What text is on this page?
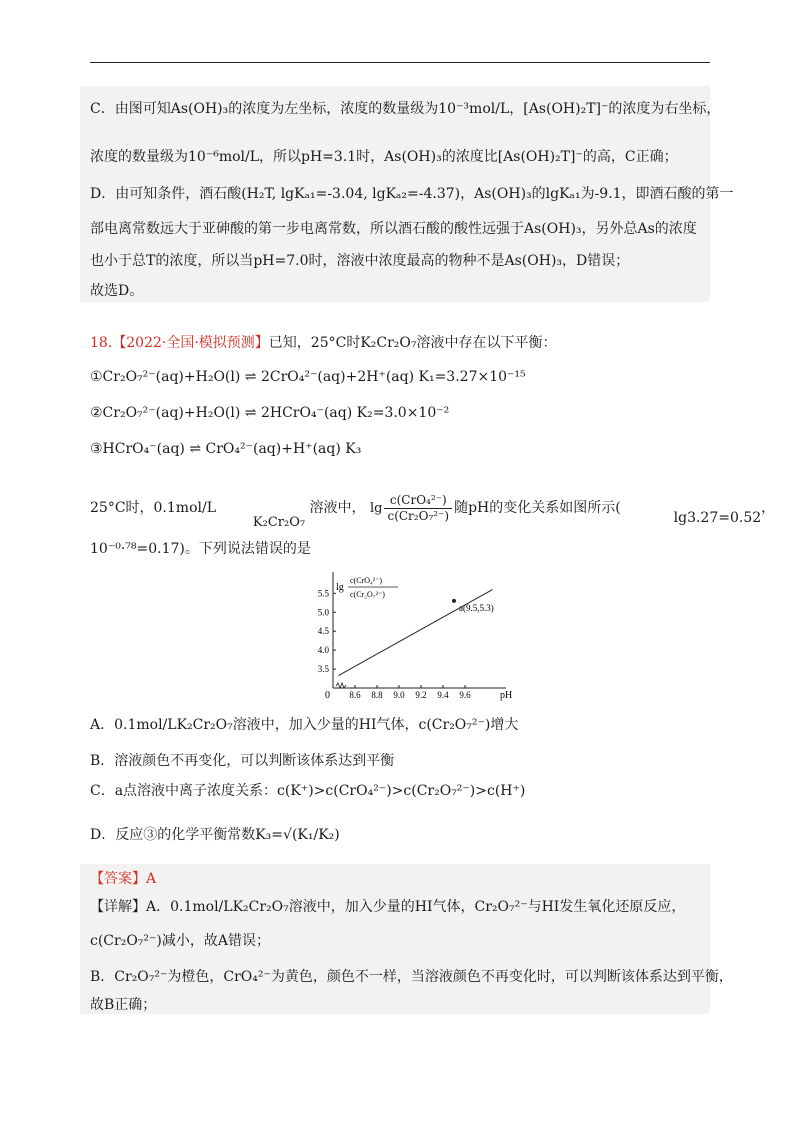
C．由图可知As(OH)₃的浓度为左坐标，浓度的数量级为10⁻³mol/L，[As(OH)₂T]⁻的浓度为右坐标，
浓度的数量级为10⁻⁶mol/L，所以pH=3.1时，As(OH)₃的浓度比[As(OH)₂T]⁻的高，C正确；
D．由可知条件，酒石酸(H₂T, lgKₐ₁=-3.04, lgKₐ₂=-4.37)，As(OH)₃的lgKₐ₁为-9.1，即酒石酸的第一
部电离常数远大于亚砷酸的第一步电离常数，所以酒石酸的酸性远强于As(OH)₃，另外总As的浓度
也小于总T的浓度，所以当pH=7.0时，溶液中浓度最高的物种不是As(OH)₃，D错误；
故选D。
18.【2022·全国·模拟预测】已知，25°C时K₂Cr₂O₇溶液中存在以下平衡：
①Cr₂O₇²⁻(aq)+H₂O(l) ⇌ 2CrO₄²⁻(aq)+2H⁺(aq) K₁=3.27×10⁻¹⁵
②Cr₂O₇²⁻(aq)+H₂O(l) ⇌ 2HCrO₄⁻(aq) K₂=3.0×10⁻²
③HCrO₄⁻(aq) ⇌ CrO₄²⁻(aq)+H⁺(aq) K₃
25°C时，0.1mol/L  K₂Cr₂O₇ 溶液中， $\lg \frac{\text{c(CrO₄²⁻)}}{\text{c(Cr₂O₇²⁻)}}$ 随pH的变化关系如图所示(  lg3.27=0.52，
10⁻⁰·⁷⁸=0.17)。下列说法错误的是
0 8.6 8.8 9.0 9.2 9.4 9.6
3.5
4.0
4.5
5.0
5.5
pH
lg
c(CrO₄²⁻)
c(Cr₂O₇²⁻)
a(9.5,5.3)
A．0.1mol/LK₂Cr₂O₇溶液中，加入少量的HI气体，c(Cr₂O₇²⁻)增大
B．溶液颜色不再变化，可以判断该体系达到平衡
C．a点溶液中离子浓度关系：c(K⁺)>c(CrO₄²⁻)>c(Cr₂O₇²⁻)>c(H⁺)
D．反应③的化学平衡常数K₃=√(K₁/K₂)
【答案】A
【详解】A．0.1mol/LK₂Cr₂O₇溶液中，加入少量的HI气体，Cr₂O₇²⁻与HI发生氧化还原反应，
c(Cr₂O₇²⁻)减小，故A错误；
B．Cr₂O₇²⁻为橙色，CrO₄²⁻为黄色，颜色不一样，当溶液颜色不再变化时，可以判断该体系达到平衡，
故B正确；
